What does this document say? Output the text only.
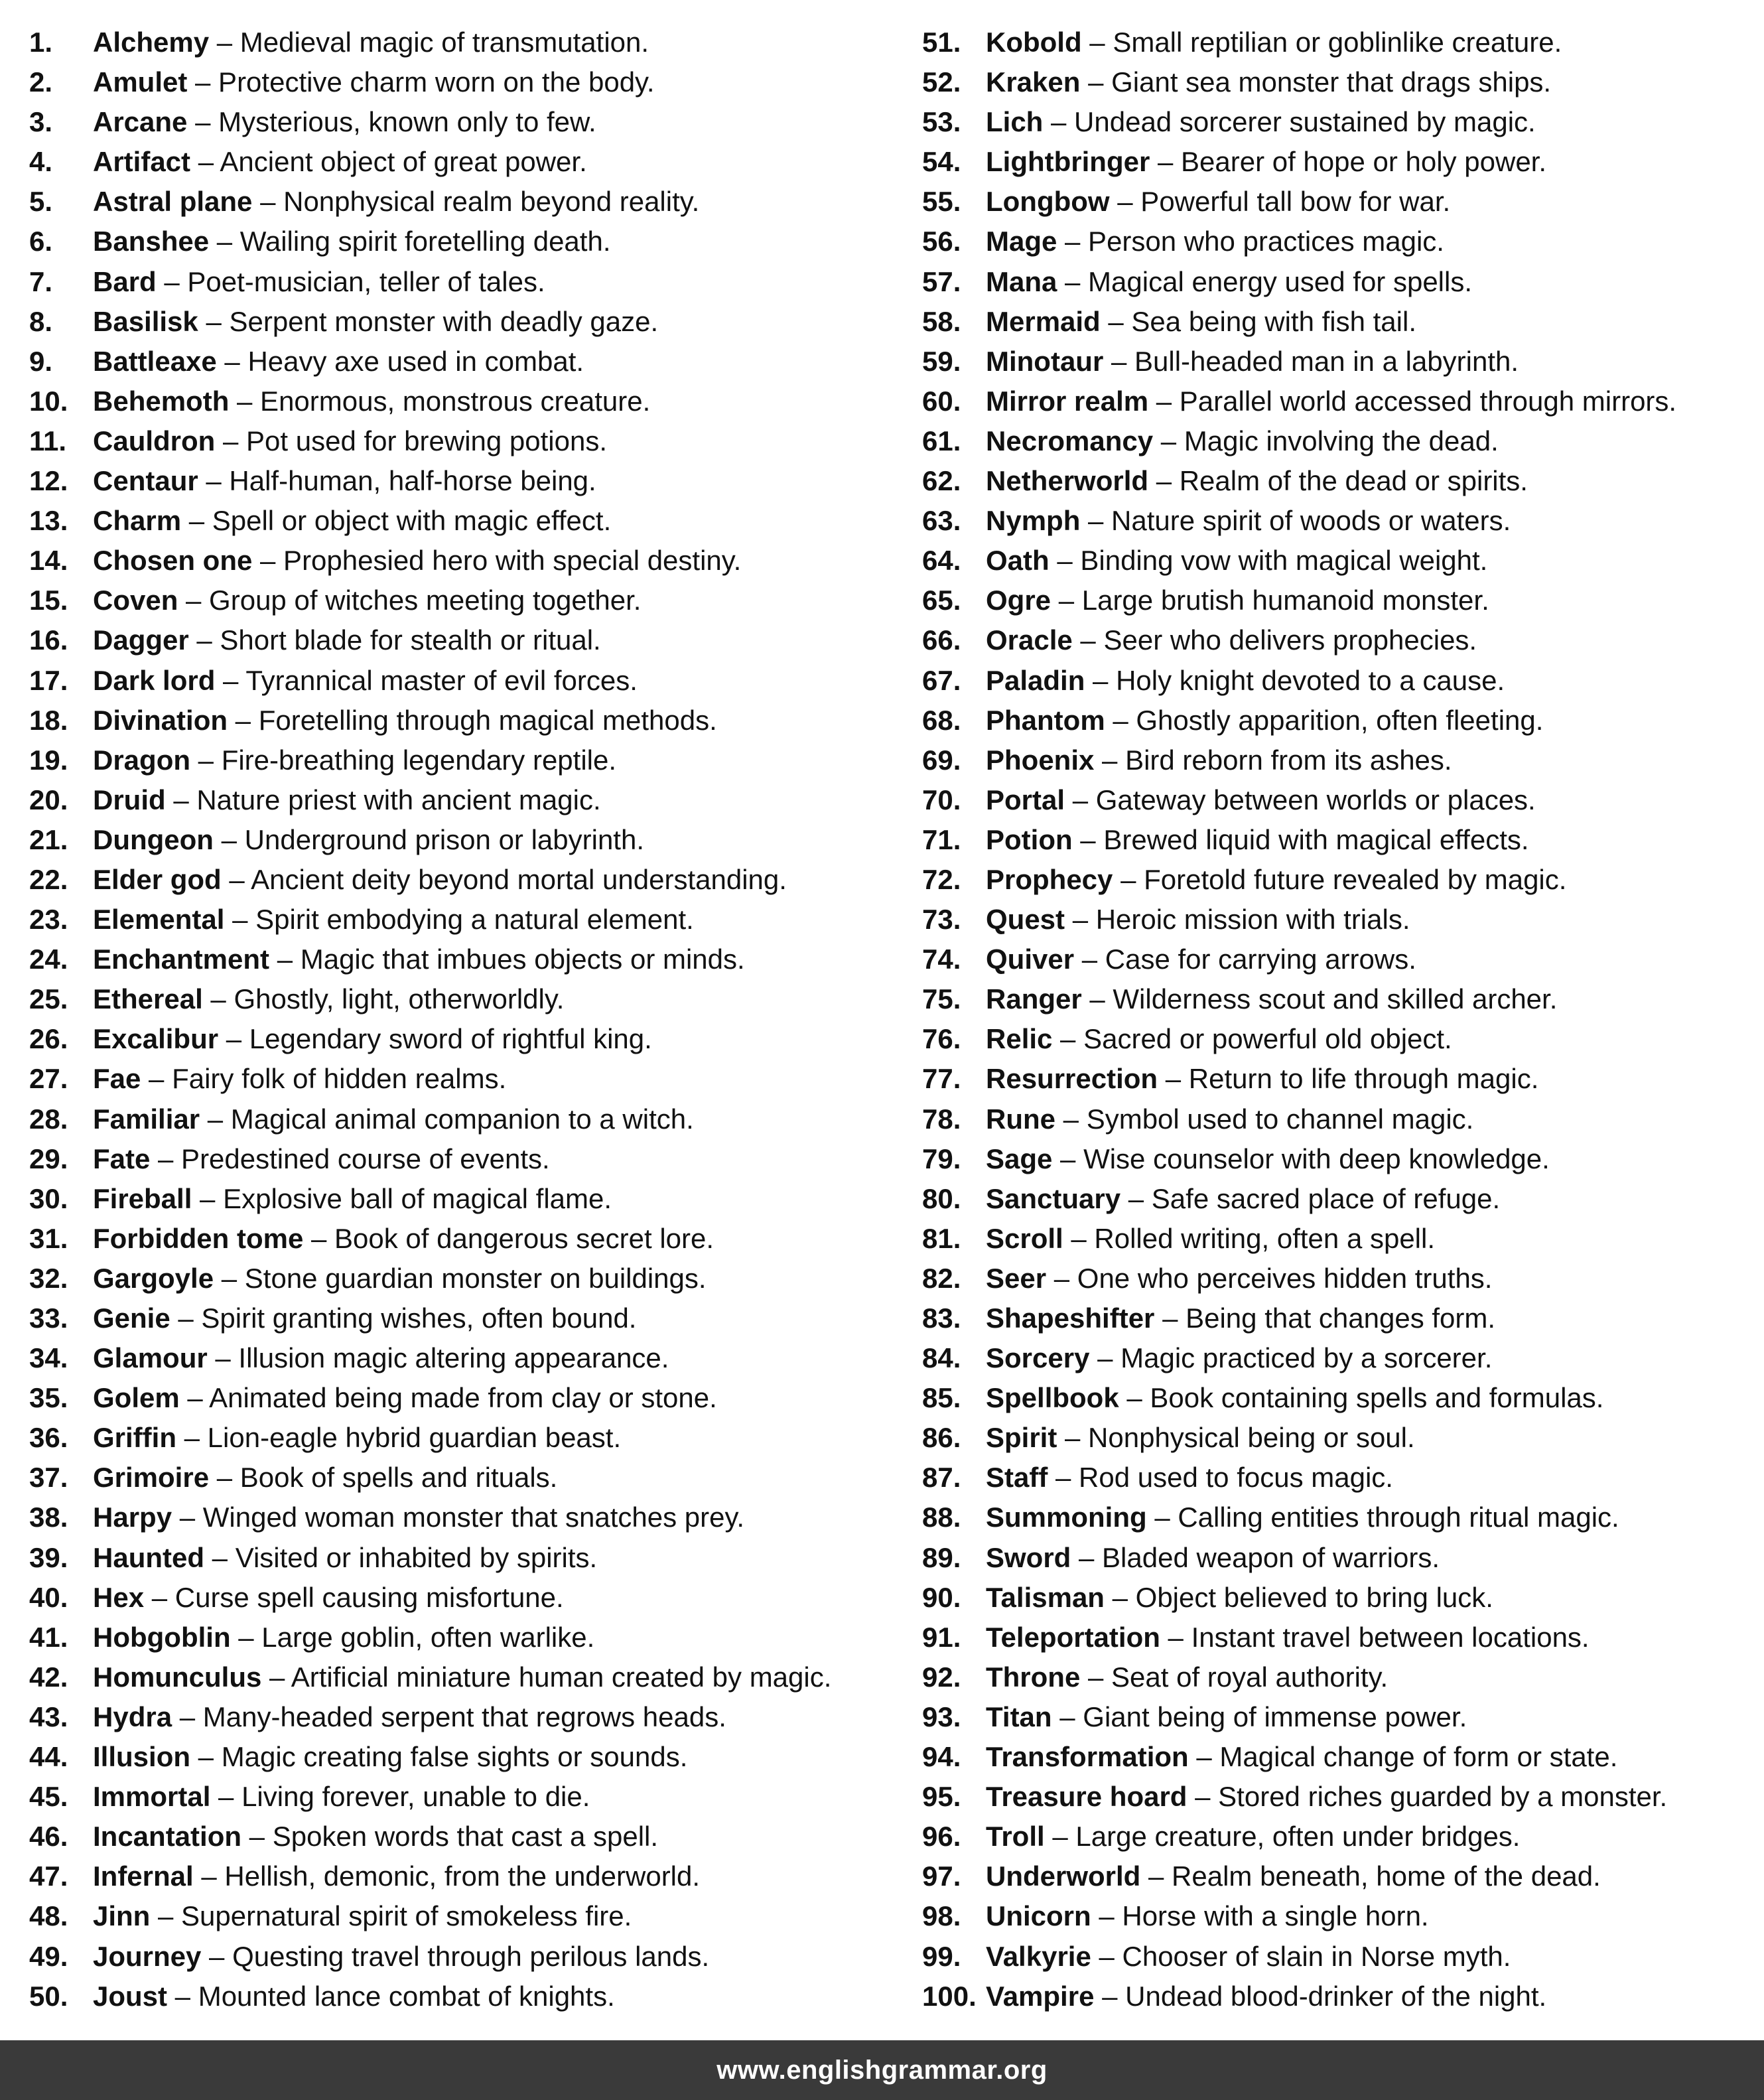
1.	Alchemy – Medieval magic of transmutation.
2.	Amulet – Protective charm worn on the body.
3.	Arcane – Mysterious, known only to few.
4.	Artifact – Ancient object of great power.
5.	Astral plane – Nonphysical realm beyond reality.
6.	Banshee – Wailing spirit foretelling death.
7.	Bard – Poet-musician, teller of tales.
8.	Basilisk – Serpent monster with deadly gaze.
9.	Battleaxe – Heavy axe used in combat.
10. Behemoth – Enormous, monstrous creature.
11. Cauldron – Pot used for brewing potions.
12. Centaur – Half-human, half-horse being.
13. Charm – Spell or object with magic effect.
14. Chosen one – Prophesied hero with special destiny.
15. Coven – Group of witches meeting together.
16. Dagger – Short blade for stealth or ritual.
17. Dark lord – Tyrannical master of evil forces.
18. Divination – Foretelling through magical methods.
19. Dragon – Fire-breathing legendary reptile.
20. Druid – Nature priest with ancient magic.
21. Dungeon – Underground prison or labyrinth.
22. Elder god – Ancient deity beyond mortal understanding.
23. Elemental – Spirit embodying a natural element.
24. Enchantment – Magic that imbues objects or minds.
25. Ethereal – Ghostly, light, otherworldly.
26. Excalibur – Legendary sword of rightful king.
27. Fae – Fairy folk of hidden realms.
28. Familiar – Magical animal companion to a witch.
29. Fate – Predestined course of events.
30. Fireball – Explosive ball of magical flame.
31. Forbidden tome – Book of dangerous secret lore.
32. Gargoyle – Stone guardian monster on buildings.
33. Genie – Spirit granting wishes, often bound.
34. Glamour – Illusion magic altering appearance.
35. Golem – Animated being made from clay or stone.
36. Griffin – Lion-eagle hybrid guardian beast.
37. Grimoire – Book of spells and rituals.
38. Harpy – Winged woman monster that snatches prey.
39. Haunted – Visited or inhabited by spirits.
40. Hex – Curse spell causing misfortune.
41. Hobgoblin – Large goblin, often warlike.
42. Homunculus – Artificial miniature human created by magic.
43. Hydra – Many-headed serpent that regrows heads.
44. Illusion – Magic creating false sights or sounds.
45. Immortal – Living forever, unable to die.
46. Incantation – Spoken words that cast a spell.
47. Infernal – Hellish, demonic, from the underworld.
48. Jinn – Supernatural spirit of smokeless fire.
49. Journey – Questing travel through perilous lands.
50. Joust – Mounted lance combat of knights.
51. Kobold – Small reptilian or goblinlike creature.
52. Kraken – Giant sea monster that drags ships.
53. Lich – Undead sorcerer sustained by magic.
54. Lightbringer – Bearer of hope or holy power.
55. Longbow – Powerful tall bow for war.
56. Mage – Person who practices magic.
57. Mana – Magical energy used for spells.
58. Mermaid – Sea being with fish tail.
59. Minotaur – Bull-headed man in a labyrinth.
60. Mirror realm – Parallel world accessed through mirrors.
61. Necromancy – Magic involving the dead.
62. Netherworld – Realm of the dead or spirits.
63. Nymph – Nature spirit of woods or waters.
64. Oath – Binding vow with magical weight.
65. Ogre – Large brutish humanoid monster.
66. Oracle – Seer who delivers prophecies.
67. Paladin – Holy knight devoted to a cause.
68. Phantom – Ghostly apparition, often fleeting.
69. Phoenix – Bird reborn from its ashes.
70. Portal – Gateway between worlds or places.
71. Potion – Brewed liquid with magical effects.
72. Prophecy – Foretold future revealed by magic.
73. Quest – Heroic mission with trials.
74. Quiver – Case for carrying arrows.
75. Ranger – Wilderness scout and skilled archer.
76. Relic – Sacred or powerful old object.
77. Resurrection – Return to life through magic.
78. Rune – Symbol used to channel magic.
79. Sage – Wise counselor with deep knowledge.
80. Sanctuary – Safe sacred place of refuge.
81. Scroll – Rolled writing, often a spell.
82. Seer – One who perceives hidden truths.
83. Shapeshifter – Being that changes form.
84. Sorcery – Magic practiced by a sorcerer.
85. Spellbook – Book containing spells and formulas.
86. Spirit – Nonphysical being or soul.
87. Staff – Rod used to focus magic.
88. Summoning – Calling entities through ritual magic.
89. Sword – Bladed weapon of warriors.
90. Talisman – Object believed to bring luck.
91. Teleportation – Instant travel between locations.
92. Throne – Seat of royal authority.
93. Titan – Giant being of immense power.
94. Transformation – Magical change of form or state.
95. Treasure hoard – Stored riches guarded by a monster.
96. Troll – Large creature, often under bridges.
97. Underworld – Realm beneath, home of the dead.
98. Unicorn – Horse with a single horn.
99. Valkyrie – Chooser of slain in Norse myth.
100. Vampire – Undead blood-drinker of the night.
www.englishgrammar.org
